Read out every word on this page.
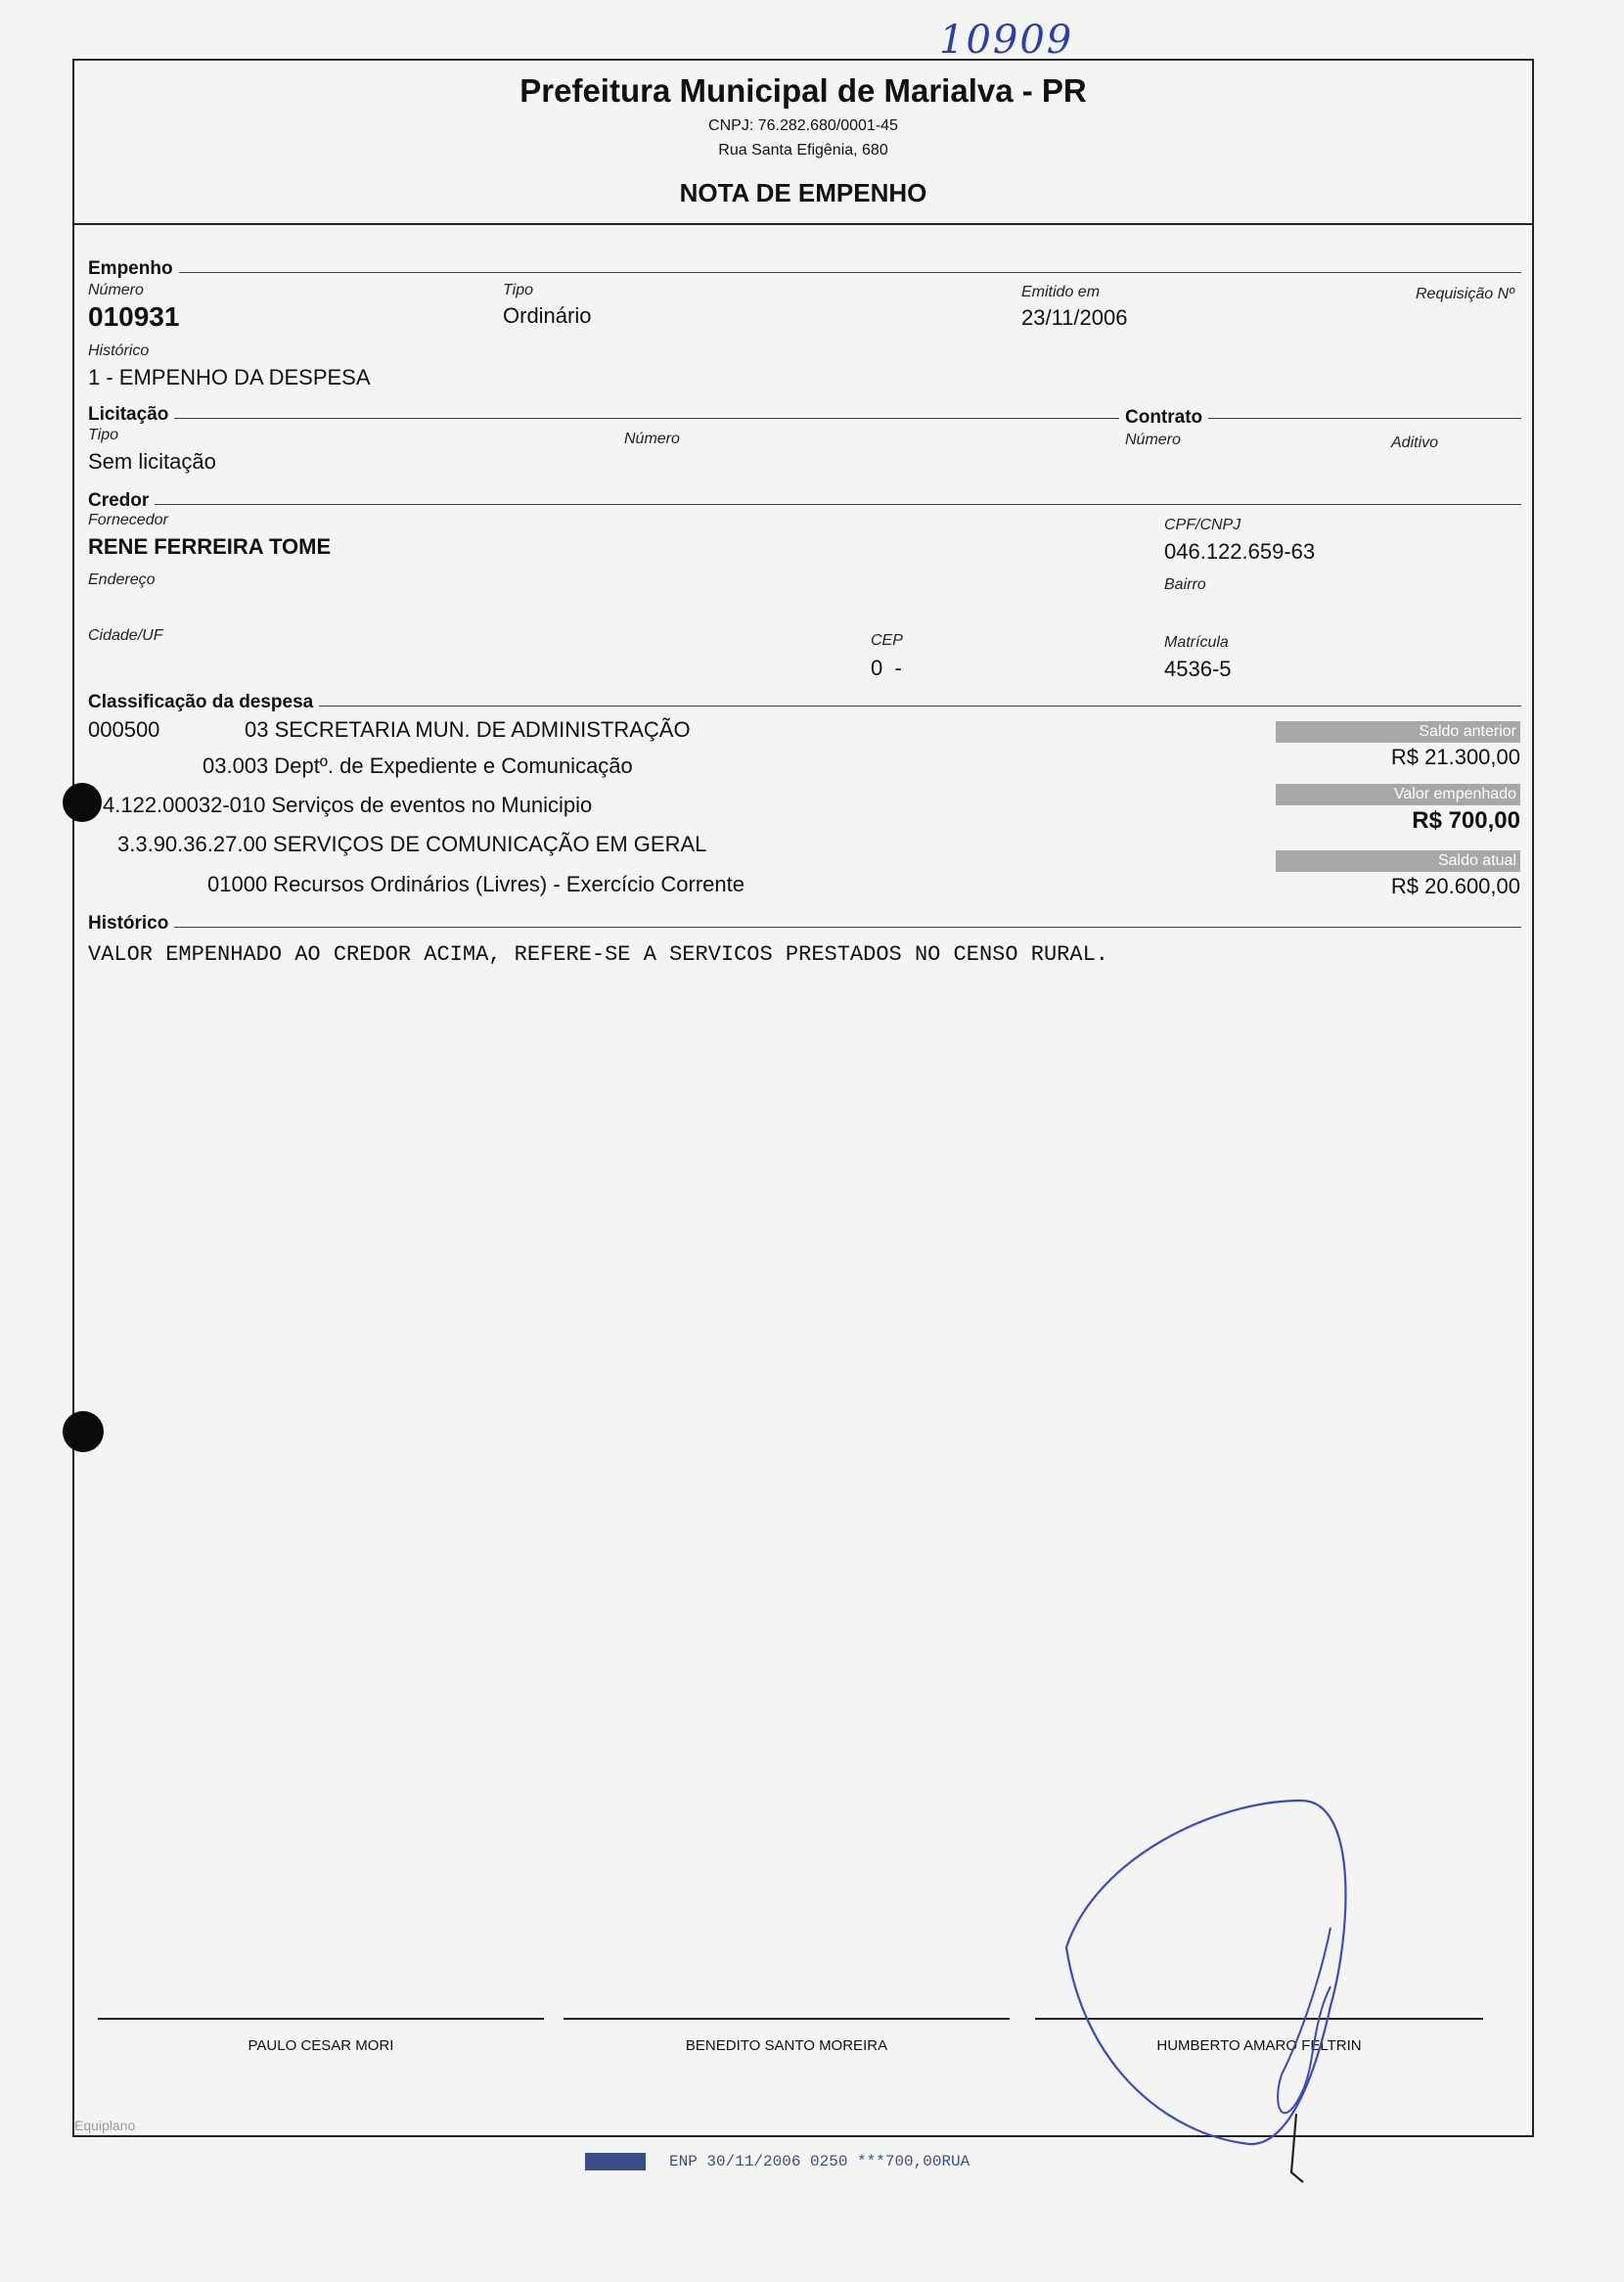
10909
Prefeitura Municipal de Marialva - PR
CNPJ: 76.282.680/0001-45
Rua Santa Efigênia, 680
NOTA DE EMPENHO
Empenho
Número
010931
Tipo
Ordinário
Emitido em
23/11/2006
Requisição Nº
Histórico
1 - EMPENHO DA DESPESA
Licitação	Contrato
Tipo
Sem licitação
Número	Número	Aditivo
Credor
Fornecedor
RENE FERREIRA TOME
CPF/CNPJ
046.122.659-63
Endereço	Bairro
Cidade/UF	CEP
0  -
Matrícula
4536-5
Classificação da despesa
000500	03 SECRETARIA MUN. DE ADMINISTRAÇÃO
03.003 Deptº. de Expediente e Comunicação
4.122.00032-010 Serviços de eventos no Municipio
3.3.90.36.27.00 SERVIÇOS DE COMUNICAÇÃO EM GERAL
01000 Recursos Ordinários (Livres) - Exercício Corrente
Saldo anterior
R$ 21.300,00
Valor empenhado
R$ 700,00
Saldo atual
R$ 20.600,00
Histórico
VALOR EMPENHADO AO CREDOR ACIMA, REFERE-SE A SERVICOS PRESTADOS NO CENSO RURAL.
PAULO CESAR MORI	BENEDITO SANTO MOREIRA	HUMBERTO AMARO FELTRIN
Equiplano
ENP 30/11/2006 0250 ***700,00RUA
